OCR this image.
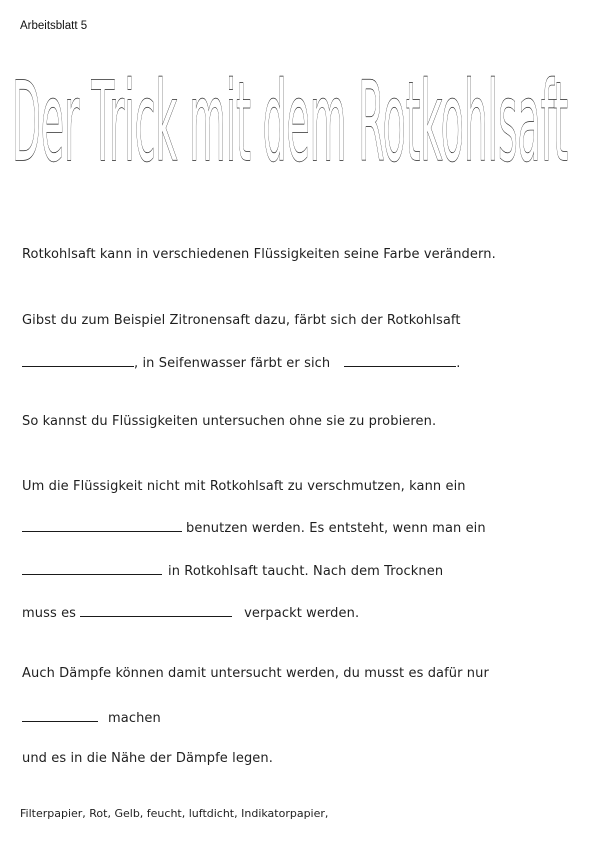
Arbeitsblatt 5
Der Trick mit dem Rotkohlsaft
Rotkohlsaft kann in verschiedenen Flüssigkeiten seine Farbe verändern.
Gibst du zum Beispiel Zitronensaft dazu, färbt sich der Rotkohlsaft
, in Seifenwasser färbt er sich	.
So kannst du Flüssigkeiten untersuchen ohne sie zu probieren.
Um die Flüssigkeit nicht mit Rotkohlsaft zu verschmutzen, kann ein
benutzen werden. Es entsteht, wenn man ein
in Rotkohlsaft taucht. Nach dem Trocknen
muss es	verpackt werden.
Auch Dämpfe können damit untersucht werden, du musst es dafür nur
machen
und es in die Nähe der Dämpfe legen.
Filterpapier, Rot, Gelb, feucht, luftdicht, Indikatorpapier,
